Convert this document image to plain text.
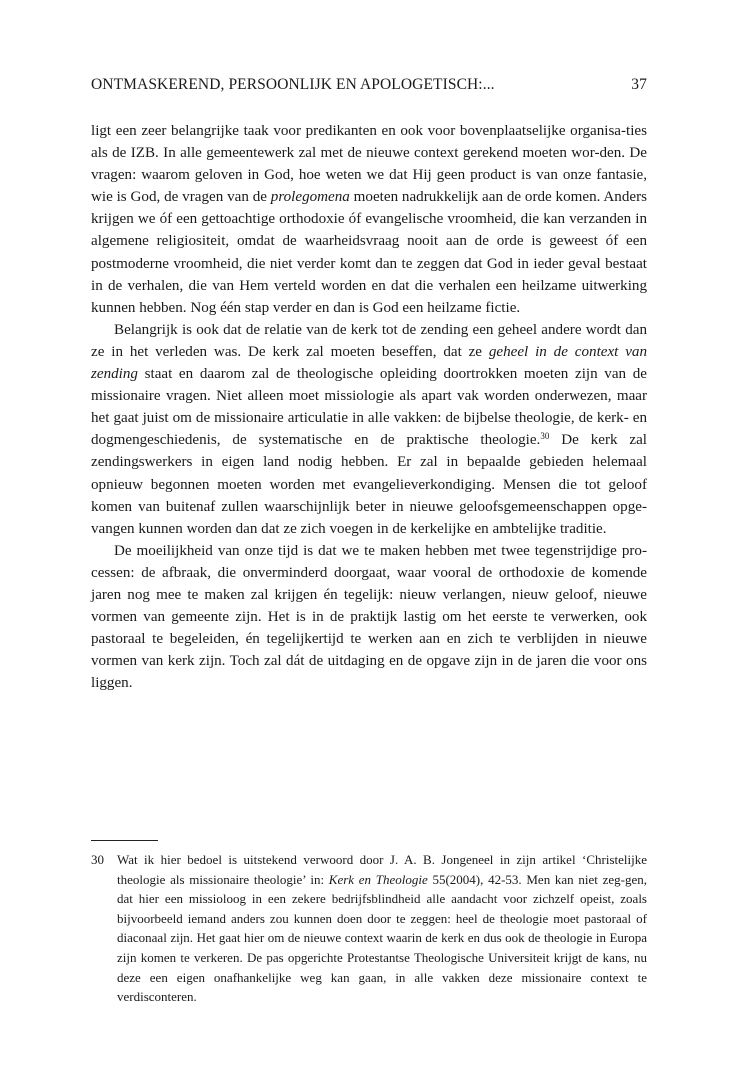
ONTMASKEREND, PERSOONLIJK EN APOLOGETISCH:...	37

ligt een zeer belangrijke taak voor predikanten en ook voor bovenplaatselijke organisa-ties als de IZB. In alle gemeentewerk zal met de nieuwe context gerekend moeten wor-den. De vragen: waarom geloven in God, hoe weten we dat Hij geen product is van onze fantasie, wie is God, de vragen van de prolegomena moeten nadrukkelijk aan de orde komen. Anders krijgen we óf een gettoachtige orthodoxie óf evangelische vroomheid, die kan verzanden in algemene religiositeit, omdat de waarheidsvraag nooit aan de orde is geweest óf een postmoderne vroomheid, die niet verder komt dan te zeggen dat God in ieder geval bestaat in de verhalen, die van Hem verteld worden en dat die verhalen een heilzame uitwerking kunnen hebben. Nog één stap verder en dan is God een heilzame fictie.

Belangrijk is ook dat de relatie van de kerk tot de zending een geheel andere wordt dan ze in het verleden was. De kerk zal moeten beseffen, dat ze geheel in de context van zending staat en daarom zal de theologische opleiding doortrokken moeten zijn van de missionaire vragen. Niet alleen moet missiologie als apart vak worden onderwezen, maar het gaat juist om de missionaire articulatie in alle vakken: de bijbelse theologie, de kerk- en dogmengeschiedenis, de systematische en de praktische theologie.$^{30}$ De kerk zal zendingswerkers in eigen land nodig hebben. Er zal in bepaalde gebieden helemaal opnieuw begonnen moeten worden met evangelieverkondiging. Mensen die tot geloof komen van buitenaf zullen waarschijnlijk beter in nieuwe geloofsgemeenschappen opge-vangen kunnen worden dan dat ze zich voegen in de kerkelijke en ambtelijke traditie.

De moeilijkheid van onze tijd is dat we te maken hebben met twee tegenstrijdige pro-cessen: de afbraak, die onverminderd doorgaat, waar vooral de orthodoxie de komende jaren nog mee te maken zal krijgen én tegelijk: nieuw verlangen, nieuw geloof, nieuwe vormen van gemeente zijn. Het is in de praktijk lastig om het eerste te verwerken, ook pastoraal te begeleiden, én tegelijkertijd te werken aan en zich te verblijden in nieuwe vormen van kerk zijn. Toch zal dát de uitdaging en de opgave zijn in de jaren die voor ons liggen.

30 Wat ik hier bedoel is uitstekend verwoord door J. A. B. Jongeneel in zijn artikel ‘Christelijke theologie als missionaire theologie’ in: Kerk en Theologie 55(2004), 42-53. Men kan niet zeg-gen, dat hier een missioloog in een zekere bedrijfsblindheid alle aandacht voor zichzelf opeist, zoals bijvoorbeeld iemand anders zou kunnen doen door te zeggen: heel de theologie moet pastoraal of diaconaal zijn. Het gaat hier om de nieuwe context waarin de kerk en dus ook de theologie in Europa zijn komen te verkeren. De pas opgerichte Protestantse Theologische Universiteit krijgt de kans, nu deze een eigen onafhankelijke weg kan gaan, in alle vakken deze missionaire context te verdisconteren.
